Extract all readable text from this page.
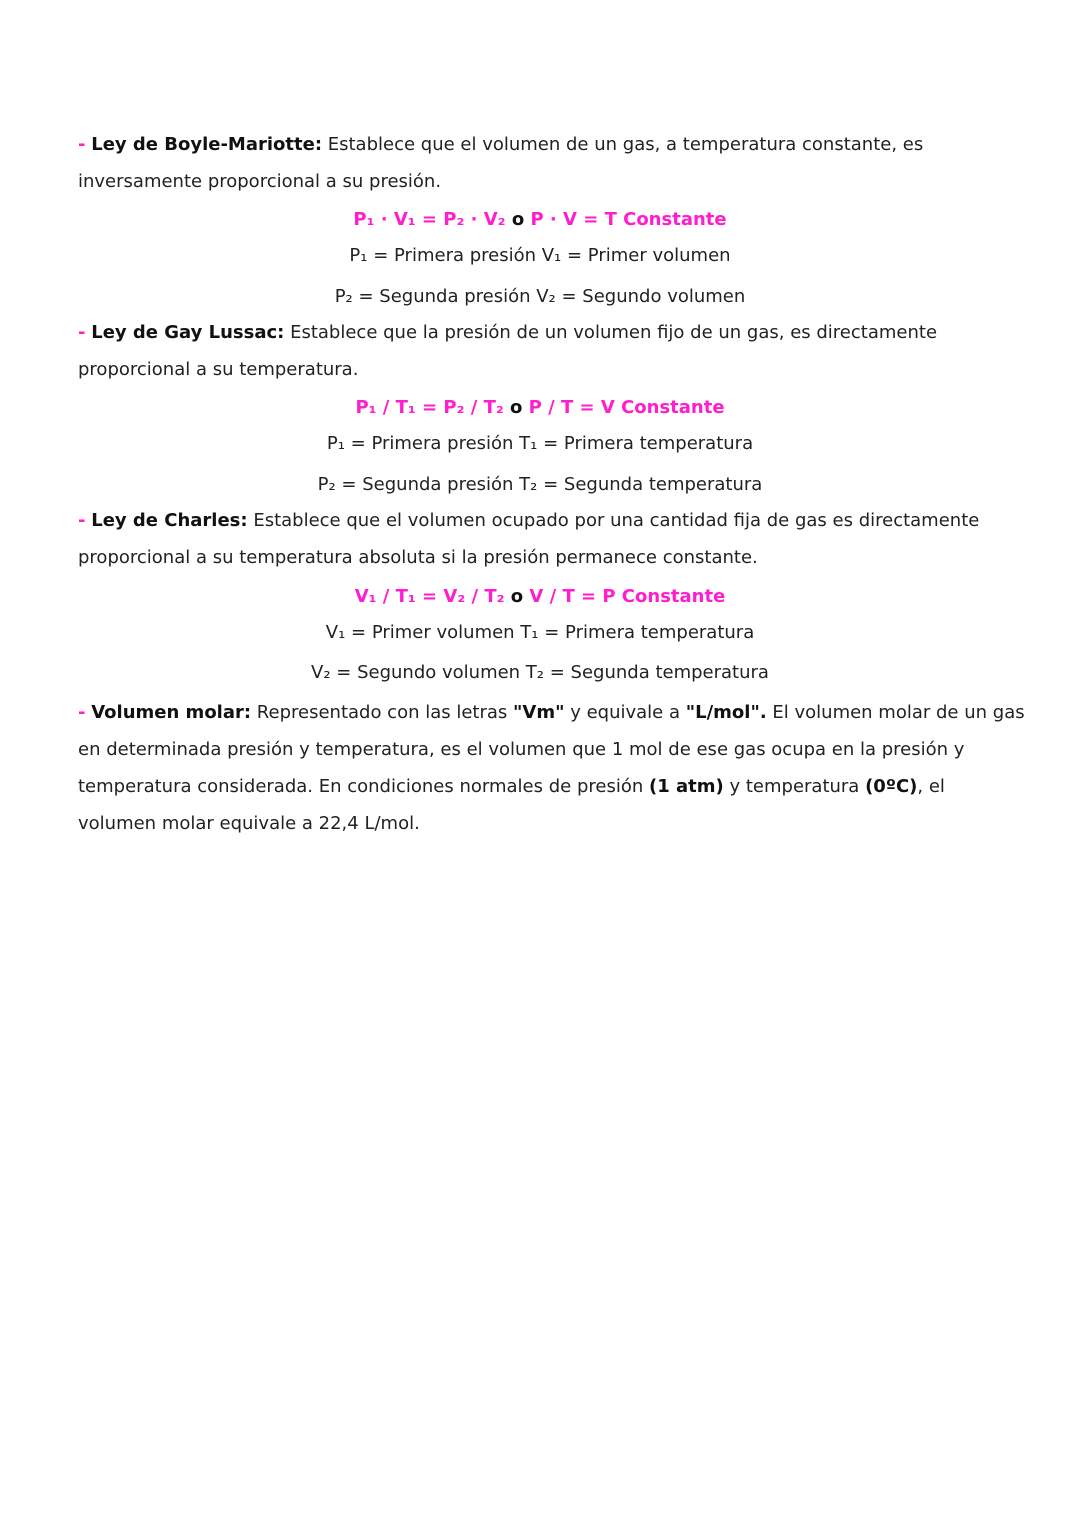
- Ley de Boyle-Mariotte: Establece que el volumen de un gas, a temperatura constante, es
inversamente proporcional a su presión.
P₁ · V₁ = P₂ · V₂ o P · V = T Constante
P₁ = Primera presión V₁ = Primer volumen
P₂ = Segunda presión V₂ = Segundo volumen
- Ley de Gay Lussac: Establece que la presión de un volumen fijo de un gas, es directamente
proporcional a su temperatura.
P₁ / T₁ = P₂ / T₂ o P / T = V Constante
P₁ = Primera presión T₁ = Primera temperatura
P₂ = Segunda presión T₂ = Segunda temperatura
- Ley de Charles: Establece que el volumen ocupado por una cantidad fija de gas es directamente
proporcional a su temperatura absoluta si la presión permanece constante.
V₁ / T₁ = V₂ / T₂ o V / T = P Constante
V₁ = Primer volumen T₁ = Primera temperatura
V₂ = Segundo volumen T₂ = Segunda temperatura
- Volumen molar: Representado con las letras "Vm" y equivale a "L/mol". El volumen molar de un gas
en determinada presión y temperatura, es el volumen que 1 mol de ese gas ocupa en la presión y
temperatura considerada. En condiciones normales de presión (1 atm) y temperatura (0ºC), el
volumen molar equivale a 22,4 L/mol.
